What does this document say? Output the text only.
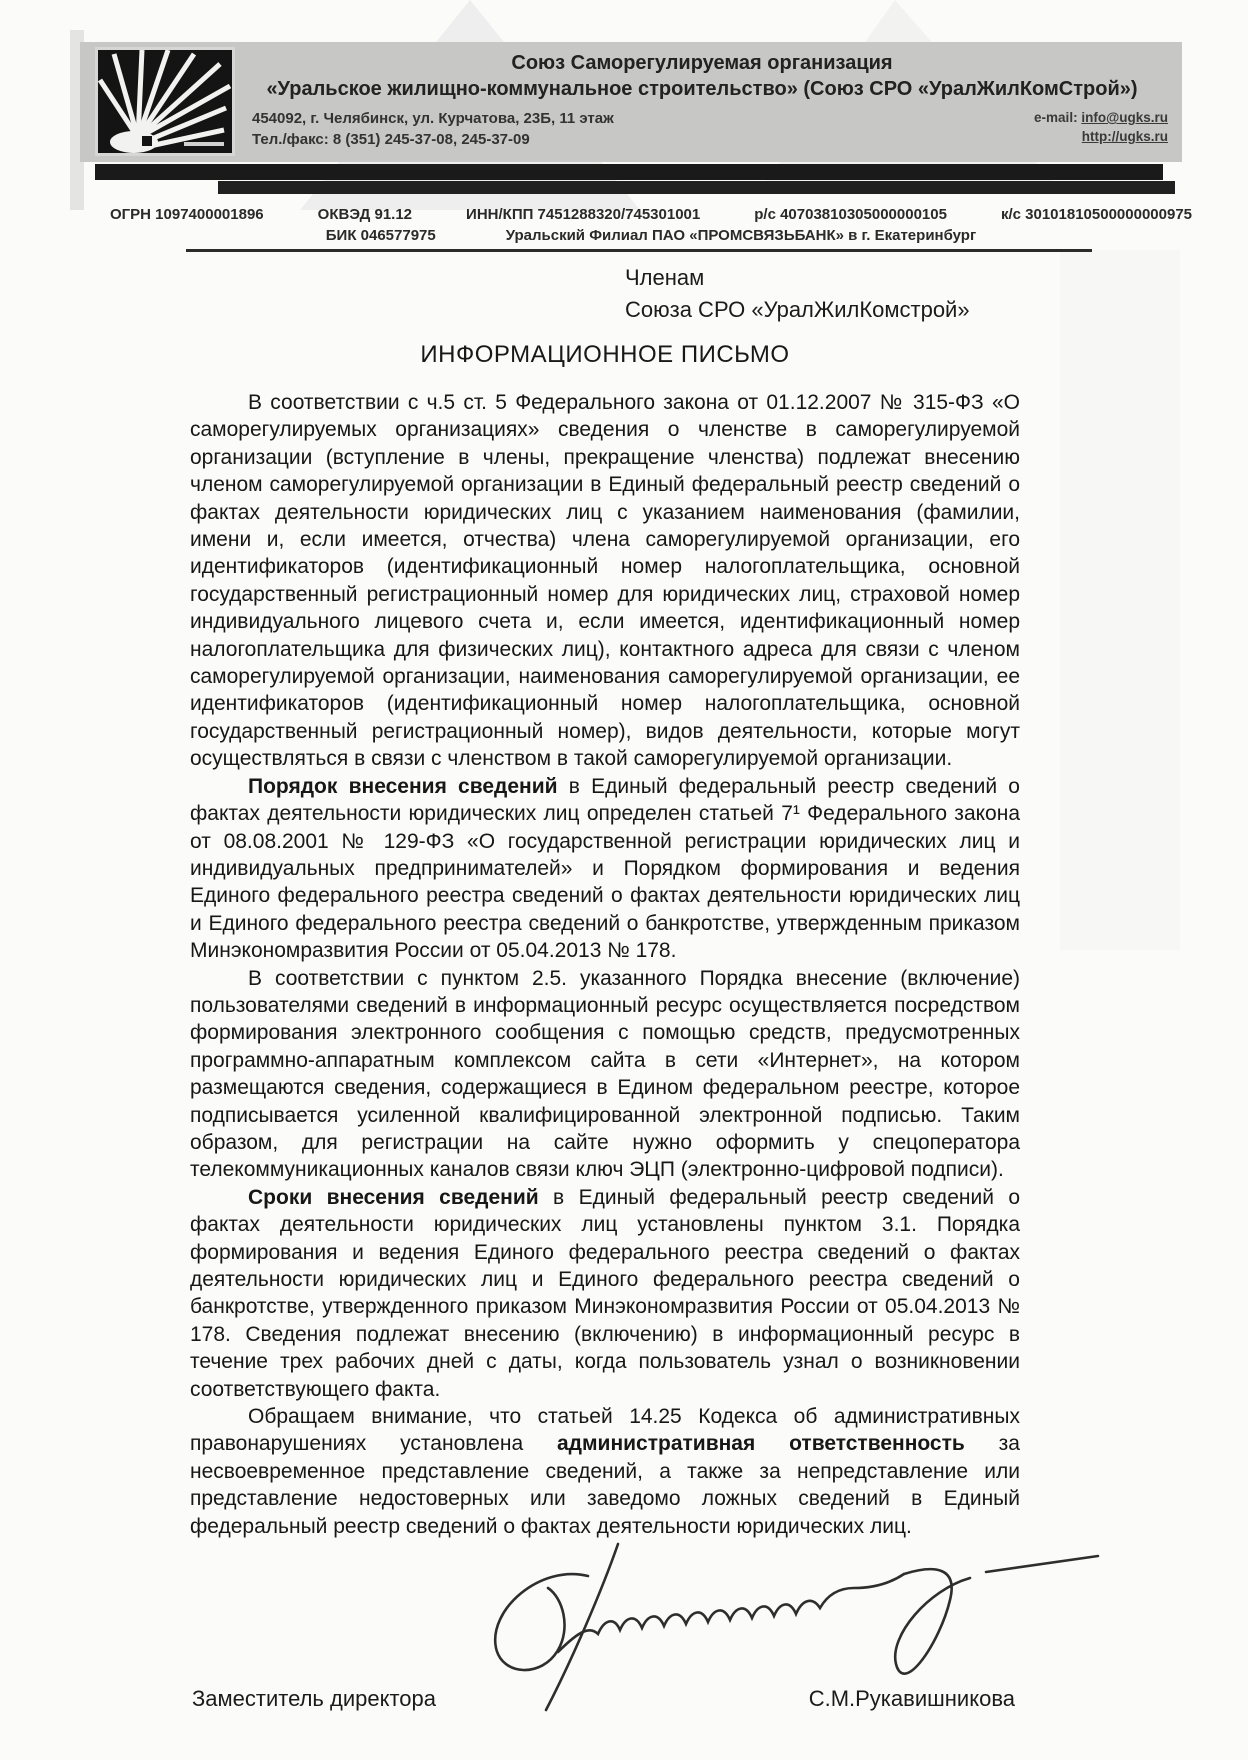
Союз Саморегулируемая организация
«Уральское жилищно-коммунальное строительство» (Союз СРО «УралЖилКомСтрой»)
454092, г. Челябинск, ул. Курчатова, 23Б, 11 этаж
Тел./факс: 8 (351) 245-37-08, 245-37-09
e-mail: info@ugks.ru
http://ugks.ru
ОГРН 1097400001896	ОКВЭД 91.12	ИНН/КПП 7451288320/745301001	р/с 40703810305000000105	к/с 30101810500000000975
БИК 046577975	Уральский Филиал ПАО «ПРОМСВЯЗЬБАНК» в г. Екатеринбург
Членам
Союза СРО «УралЖилКомстрой»
ИНФОРМАЦИОННОЕ ПИСЬМО

В соответствии с ч.5 ст. 5 Федерального закона от 01.12.2007 № 315-ФЗ «О саморегулируемых организациях» сведения о членстве в саморегулируемой организации (вступление в члены, прекращение членства) подлежат внесению членом саморегулируемой организации в Единый федеральный реестр сведений о фактах деятельности юридических лиц с указанием наименования (фамилии, имени и, если имеется, отчества) члена саморегулируемой организации, его идентификаторов (идентификационный номер налогоплательщика, основной государственный регистрационный номер для юридических лиц, страховой номер индивидуального лицевого счета и, если имеется, идентификационный номер налогоплательщика для физических лиц), контактного адреса для связи с членом саморегулируемой организации, наименования саморегулируемой организации, ее идентификаторов (идентификационный номер налогоплательщика, основной государственный регистрационный номер), видов деятельности, которые могут осуществляться в связи с членством в такой саморегулируемой организации.

Порядок внесения сведений в Единый федеральный реестр сведений о фактах деятельности юридических лиц определен статьей 7¹ Федерального закона от 08.08.2001 № 129-ФЗ «О государственной регистрации юридических лиц и индивидуальных предпринимателей» и Порядком формирования и ведения Единого федерального реестра сведений о фактах деятельности юридических лиц и Единого федерального реестра сведений о банкротстве, утвержденным приказом Минэкономразвития России от 05.04.2013 № 178.

В соответствии с пунктом 2.5. указанного Порядка внесение (включение) пользователями сведений в информационный ресурс осуществляется посредством формирования электронного сообщения с помощью средств, предусмотренных программно-аппаратным комплексом сайта в сети «Интернет», на котором размещаются сведения, содержащиеся в Едином федеральном реестре, которое подписывается усиленной квалифицированной электронной подписью. Таким образом, для регистрации на сайте нужно оформить у спецоператора телекоммуникационных каналов связи ключ ЭЦП (электронно-цифровой подписи).

Сроки внесения сведений в Единый федеральный реестр сведений о фактах деятельности юридических лиц установлены пунктом 3.1. Порядка формирования и ведения Единого федерального реестра сведений о фактах деятельности юридических лиц и Единого федерального реестра сведений о банкротстве, утвержденного приказом Минэкономразвития России от 05.04.2013 № 178. Сведения подлежат внесению (включению) в информационный ресурс в течение трех рабочих дней с даты, когда пользователь узнал о возникновении соответствующего факта.

Обращаем внимание, что статьей 14.25 Кодекса об административных правонарушениях установлена административная ответственность за несвоевременное представление сведений, а также за непредставление или представление недостоверных или заведомо ложных сведений в Единый федеральный реестр сведений о фактах деятельности юридических лиц.

Заместитель директора	С.М.Рукавишникова
